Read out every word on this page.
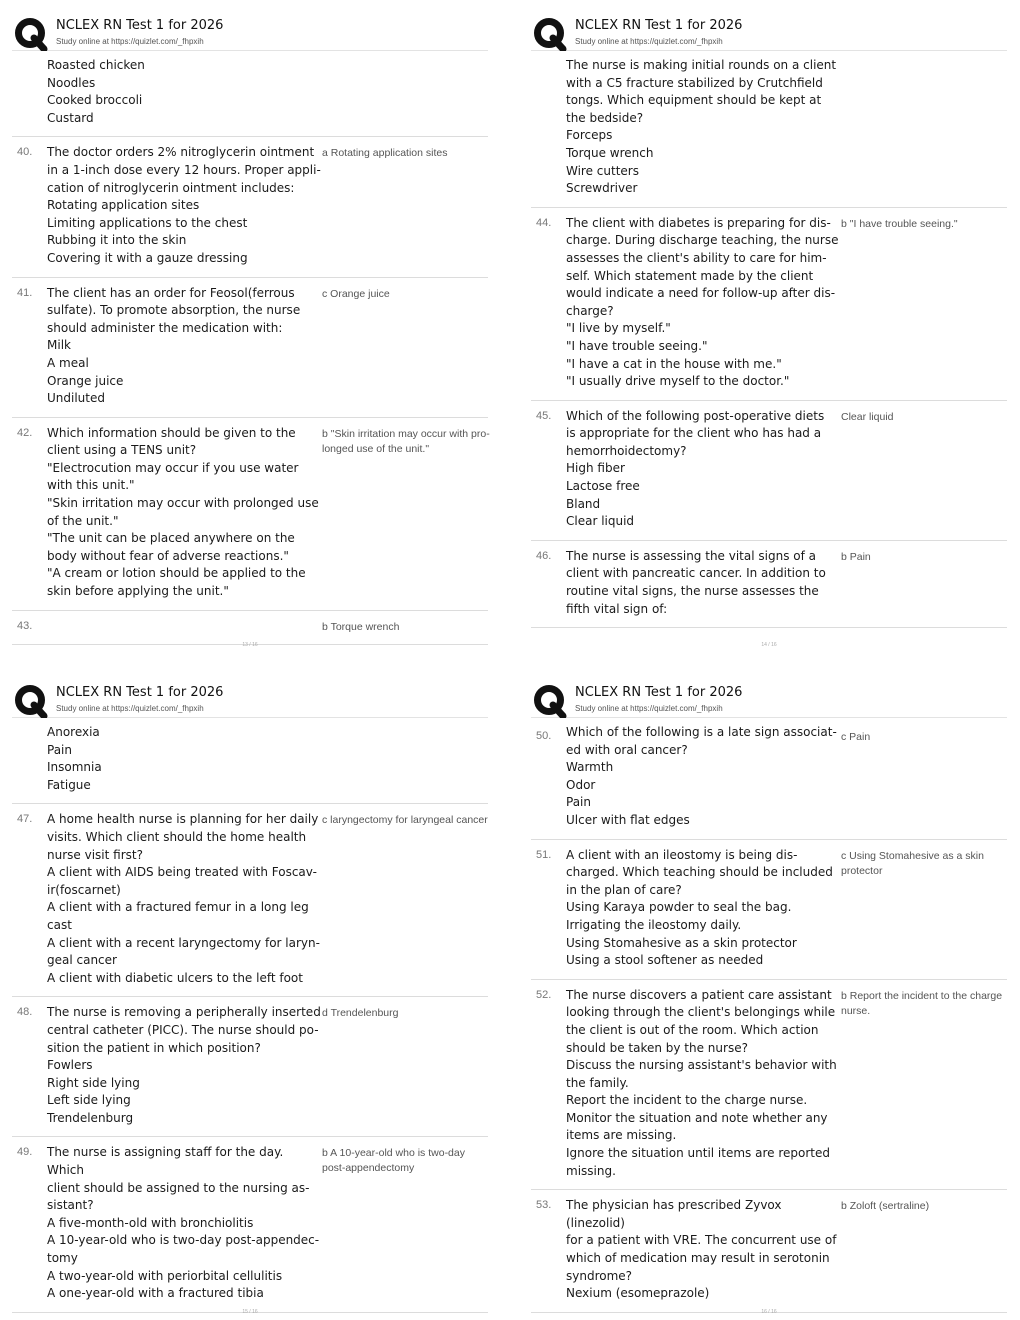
NCLEX RN Test 1 for 2026
Study online at https://quizlet.com/_fhpxih
Roasted chicken
Noodles
Cooked broccoli
Custard
40. The doctor orders 2% nitroglycerin ointment
in a 1-inch dose every 12 hours. Proper appli-
cation of nitroglycerin ointment includes:
Rotating application sites
Limiting applications to the chest
Rubbing it into the skin
Covering it with a gauze dressing
a Rotating application sites
41. The client has an order for Feosol(ferrous
sulfate). To promote absorption, the nurse
should administer the medication with:
Milk
A meal
Orange juice
Undiluted
c Orange juice
42. Which information should be given to the
client using a TENS unit?
"Electrocution may occur if you use water
with this unit."
"Skin irritation may occur with prolonged use
of the unit."
"The unit can be placed anywhere on the
body without fear of adverse reactions."
"A cream or lotion should be applied to the
skin before applying the unit."
b "Skin irritation may occur with pro- longed use of the unit."
43.	b Torque wrench
13 / 16
NCLEX RN Test 1 for 2026
Study online at https://quizlet.com/_fhpxih
The nurse is making initial rounds on a client
with a C5 fracture stabilized by Crutchfield
tongs. Which equipment should be kept at
the bedside?
Forceps
Torque wrench
Wire cutters
Screwdriver
44. The client with diabetes is preparing for dis-
charge. During discharge teaching, the nurse
assesses the client's ability to care for him-
self. Which statement made by the client
would indicate a need for follow-up after dis-
charge?
"I live by myself."
"I have trouble seeing."
"I have a cat in the house with me."
"I usually drive myself to the doctor."
b "I have trouble seeing."
45. Which of the following post-operative diets
is appropriate for the client who has had a
hemorrhoidectomy?
High fiber
Lactose free
Bland
Clear liquid
Clear liquid
46. The nurse is assessing the vital signs of a
client with pancreatic cancer. In addition to
routine vital signs, the nurse assesses the
fifth vital sign of:
b Pain
14 / 16
NCLEX RN Test 1 for 2026
Study online at https://quizlet.com/_fhpxih
Anorexia
Pain
Insomnia
Fatigue
47. A home health nurse is planning for her daily
visits. Which client should the home health
nurse visit first?
A client with AIDS being treated with Foscav-
ir(foscarnet)
A client with a fractured femur in a long leg
cast
A client with a recent laryngectomy for laryn-
geal cancer
A client with diabetic ulcers to the left foot
c laryngectomy for laryngeal cancer
48. The nurse is removing a peripherally inserted
central catheter (PICC). The nurse should po-
sition the patient in which position?
Fowlers
Right side lying
Left side lying
Trendelenburg
d Trendelenburg
49. The nurse is assigning staff for the day. Which
client should be assigned to the nursing as-
sistant?
A five-month-old with bronchiolitis
A 10-year-old who is two-day post-appendec-
tomy
A two-year-old with periorbital cellulitis
A one-year-old with a fractured tibia
b A 10-year-old who is two-day post-appendectomy
15 / 16
NCLEX RN Test 1 for 2026
Study online at https://quizlet.com/_fhpxih
50. Which of the following is a late sign associat-
ed with oral cancer?
Warmth
Odor
Pain
Ulcer with flat edges
c Pain
51. A client with an ileostomy is being dis-
charged. Which teaching should be included
in the plan of care?
Using Karaya powder to seal the bag.
Irrigating the ileostomy daily.
Using Stomahesive as a skin protector
Using a stool softener as needed
c Using Stomahesive as a skin protector
52. The nurse discovers a patient care assistant
looking through the client's belongings while
the client is out of the room. Which action
should be taken by the nurse?
Discuss the nursing assistant's behavior with
the family.
Report the incident to the charge nurse.
Monitor the situation and note whether any
items are missing.
Ignore the situation until items are reported
missing.
b Report the incident to the charge nurse.
53. The physician has prescribed Zyvox (linezolid)
for a patient with VRE. The concurrent use of
which of medication may result in serotonin
syndrome?
Nexium (esomeprazole)
b Zoloft (sertraline)
16 / 16
